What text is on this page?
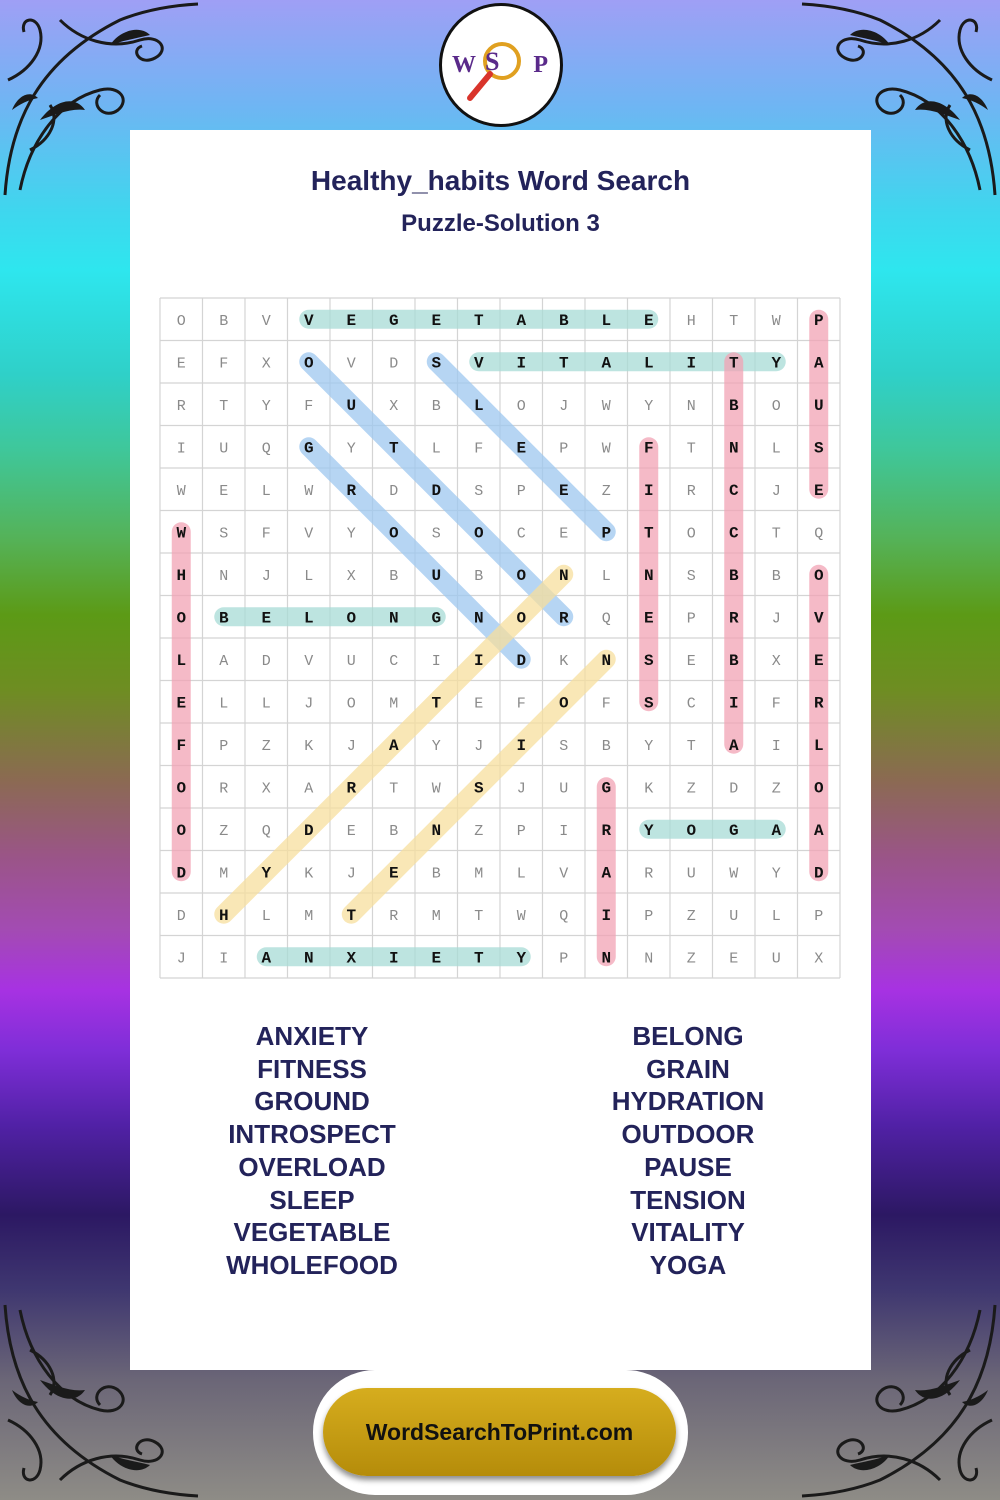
W S P
Healthy_habits Word Search
Puzzle-Solution 3
O B V V E G E T A B L E H T W P
E F X O V D S V I T A L I T Y A
R T Y F U X B L O J W Y N B O U
I U Q G Y T L F E P W F T N L S
W E L W R D D S P E Z I R C J E
W S F V Y O S O C E P T O C T Q
H N J L X B U B O N L N S B B O
O B E L O N G N O R Q E P R J V
L A D V U C I I D K N S E B X E
E L L J O M T E F O F S C I F R
F P Z K J A Y J I S B Y T A I L
O R X A R T W S J U G K Z D Z O
O Z Q D E B N Z P I R Y O G A A
D M Y K J E B M L V A R U W Y D
D H L M T R M T W Q I P Z U L P
J I A N X I E T Y P N N Z E U X
ANXIETY
FITNESS
GROUND
INTROSPECT
OVERLOAD
SLEEP
VEGETABLE
WHOLEFOOD
BELONG
GRAIN
HYDRATION
OUTDOOR
PAUSE
TENSION
VITALITY
YOGA
WordSearchToPrint.com
